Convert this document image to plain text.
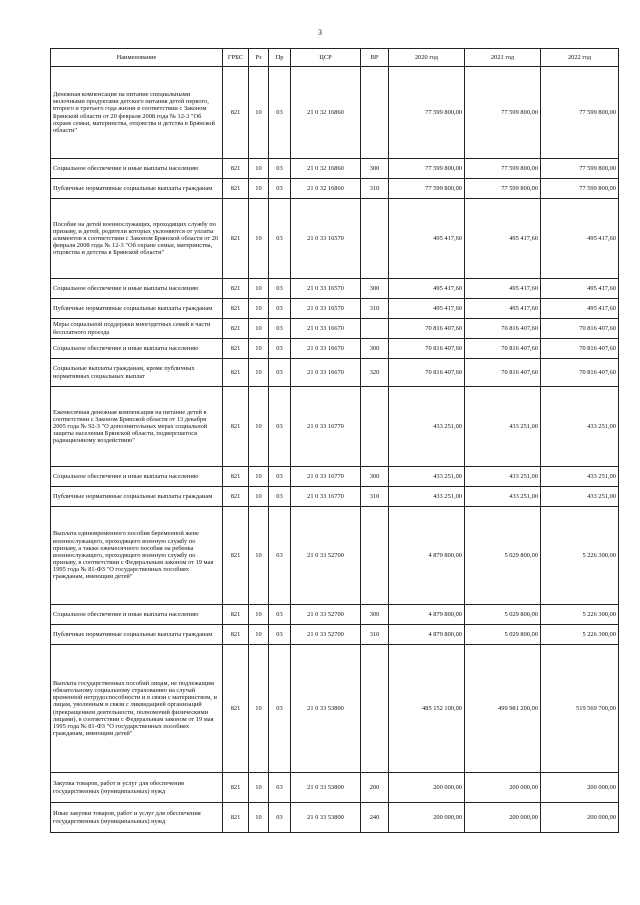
3
Наименование	ГРБС	Рз	Пр	ЦСР	ВР	2020 год	2021 год	2022 год
Денежная компенсация на питание специальными молочными продуктами детского питания детей первого, второго и третьего года жизни в соответствии с Законом Брянской области от 20 февраля 2008 года № 12-3 "Об охране семьи, материнства, отцовства и детства в Брянской области"	821	10	03	21 0 32 16860		77 599 800,00	77 599 800,00	77 599 800,00
Социальное обеспечение и иные выплаты населению	821	10	03	21 0 32 16860	300	77 599 800,00	77 599 800,00	77 599 800,00
Публичные нормативные социальные выплаты гражданам	821	10	03	21 0 32 16860	310	77 599 800,00	77 599 800,00	77 599 800,00
Пособие на детей военнослужащих, проходящих службу по призыву, и детей, родители которых уклоняются от уплаты алиментов в соответствии с Законом Брянской области от 20 февраля 2008 года № 12-3 "Об охране семьи, материнства, отцовства и детства в Брянской области"	821	10	03	21 0 33 16570		495 417,60	495 417,60	495 417,60
Социальное обеспечение и иные выплаты населению	821	10	03	21 0 33 16570	300	495 417,60	495 417,60	495 417,60
Публичные нормативные социальные выплаты гражданам	821	10	03	21 0 33 16570	310	495 417,60	495 417,60	495 417,60
Меры социальной поддержки многодетных семей в части бесплатного проезда	821	10	03	21 0 33 16670		70 816 407,60	70 816 407,60	70 816 407,60
Социальное обеспечение и иные выплаты населению	821	10	03	21 0 33 16670	300	70 816 407,60	70 816 407,60	70 816 407,60
Социальные выплаты гражданам, кроме публичных нормативных социальных выплат	821	10	03	21 0 33 16670	320	70 816 407,60	70 816 407,60	70 816 407,60
Ежемесячная денежная компенсация на питание детей в соответствии с Законом Брянской области от 13 декабря 2005 года № 92-З "О дополнительных мерах социальной защиты населения Брянской области, подвергшегося радиационному воздействию"	821	10	03	21 0 33 16770		433 251,00	433 251,00	433 251,00
Социальное обеспечение и иные выплаты населению	821	10	03	21 0 33 16770	300	433 251,00	433 251,00	433 251,00
Публичные нормативные социальные выплаты гражданам	821	10	03	21 0 33 16770	310	433 251,00	433 251,00	433 251,00
Выплата единовременного пособия беременной жене военнослужащего, проходящего военную службу по призыву, а также ежемесячного пособия на ребенка военнослужащего, проходящего военную службу по призыву, в соответствии с Федеральным законом от 19 мая 1995 года № 81-ФЗ "О государственных пособиях гражданам, имеющим детей"	821	10	03	21 0 33 52700		4 879 800,00	5 029 800,00	5 226 300,00
Социальное обеспечение и иные выплаты населению	821	10	03	21 0 33 52700	300	4 879 800,00	5 029 800,00	5 226 300,00
Публичные нормативные социальные выплаты гражданам	821	10	03	21 0 33 52700	310	4 879 800,00	5 029 800,00	5 226 300,00
Выплата государственных пособий лицам, не подлежащим обязательному социальному страхованию на случай временной нетрудоспособности и в связи с материнством, и лицам, уволенным в связи с ликвидацией организаций (прекращением деятельности, полномочий физическими лицами), в соответствии с Федеральным законом от 19 мая 1995 года № 81-ФЗ "О государственных пособиях гражданам, имеющим детей"	821	10	03	21 0 33 53800		485 152 100,00	499 981 200,00	519 569 700,00
Закупка товаров, работ и услуг для обеспечения государственных (муниципальных) нужд	821	10	03	21 0 33 53800	200	200 000,00	200 000,00	200 000,00
Иные закупки товаров, работ и услуг для обеспечения государственных (муниципальных) нужд	821	10	03	21 0 33 53800	240	200 000,00	200 000,00	200 000,00
